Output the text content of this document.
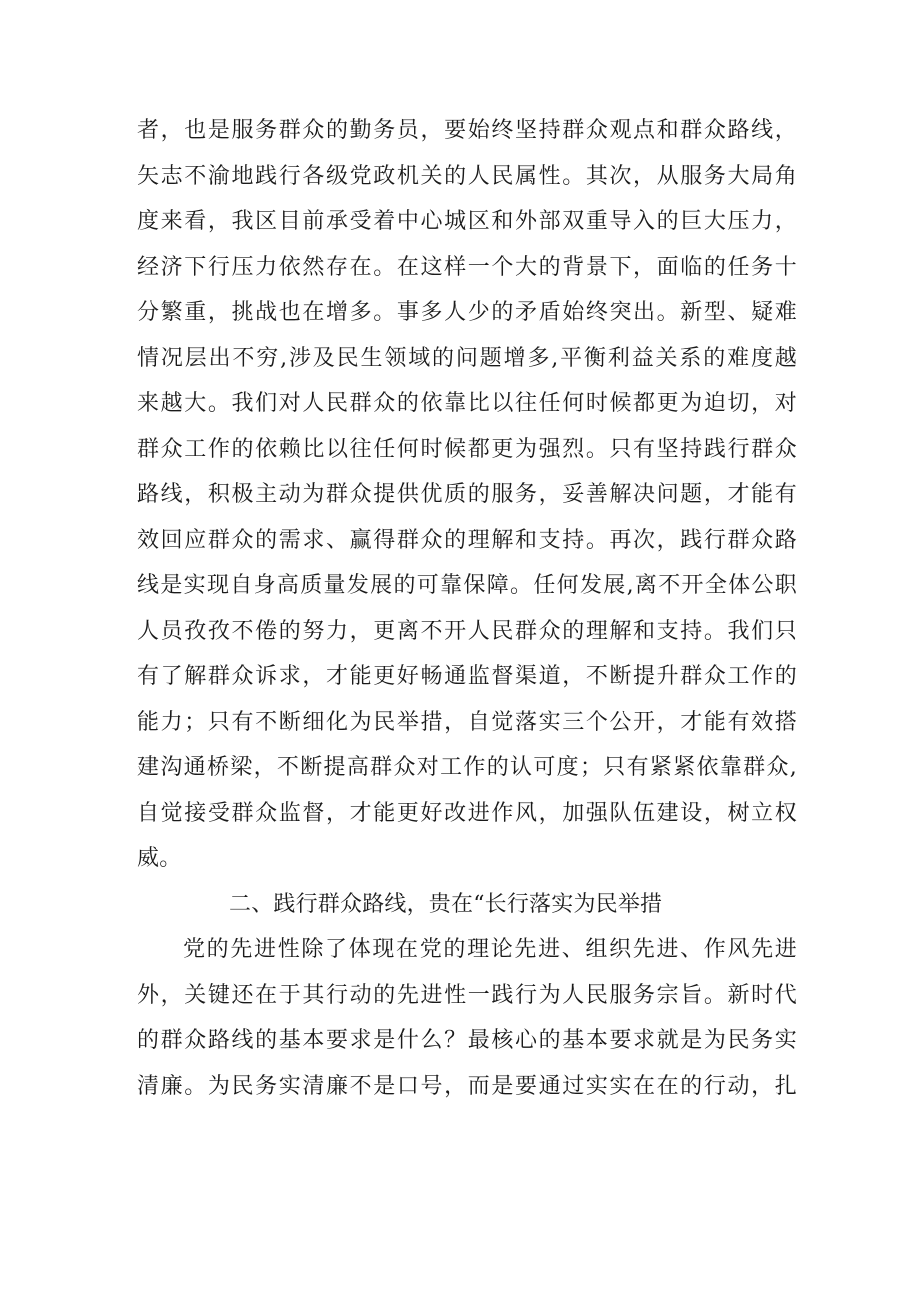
者，也是服务群众的勤务员，要始终坚持群众观点和群众路线，
矢志不渝地践行各级党政机关的人民属性。其次，从服务大局角
度来看，我区目前承受着中心城区和外部双重导入的巨大压力，
经济下行压力依然存在。在这样一个大的背景下，面临的任务十
分繁重，挑战也在增多。事多人少的矛盾始终突出。新型、疑难
情况层出不穷,涉及民生领域的问题增多,平衡利益关系的难度越
来越大。我们对人民群众的依靠比以往任何时候都更为迫切，对
群众工作的依赖比以往任何时候都更为强烈。只有坚持践行群众
路线，积极主动为群众提供优质的服务，妥善解决问题，才能有
效回应群众的需求、赢得群众的理解和支持。再次，践行群众路
线是实现自身高质量发展的可靠保障。任何发展,离不开全体公职
人员孜孜不倦的努力，更离不开人民群众的理解和支持。我们只
有了解群众诉求，才能更好畅通监督渠道，不断提升群众工作的
能力；只有不断细化为民举措，自觉落实三个公开，才能有效搭
建沟通桥梁，不断提高群众对工作的认可度；只有紧紧依靠群众,
自觉接受群众监督，才能更好改进作风，加强队伍建设，树立权
威。
二、践行群众路线，贵在“长行落实为民举措
党的先进性除了体现在党的理论先进、组织先进、作风先进
外，关键还在于其行动的先进性一践行为人民服务宗旨。新时代
的群众路线的基本要求是什么？最核心的基本要求就是为民务实
清廉。为民务实清廉不是口号，而是要通过实实在在的行动，扎
